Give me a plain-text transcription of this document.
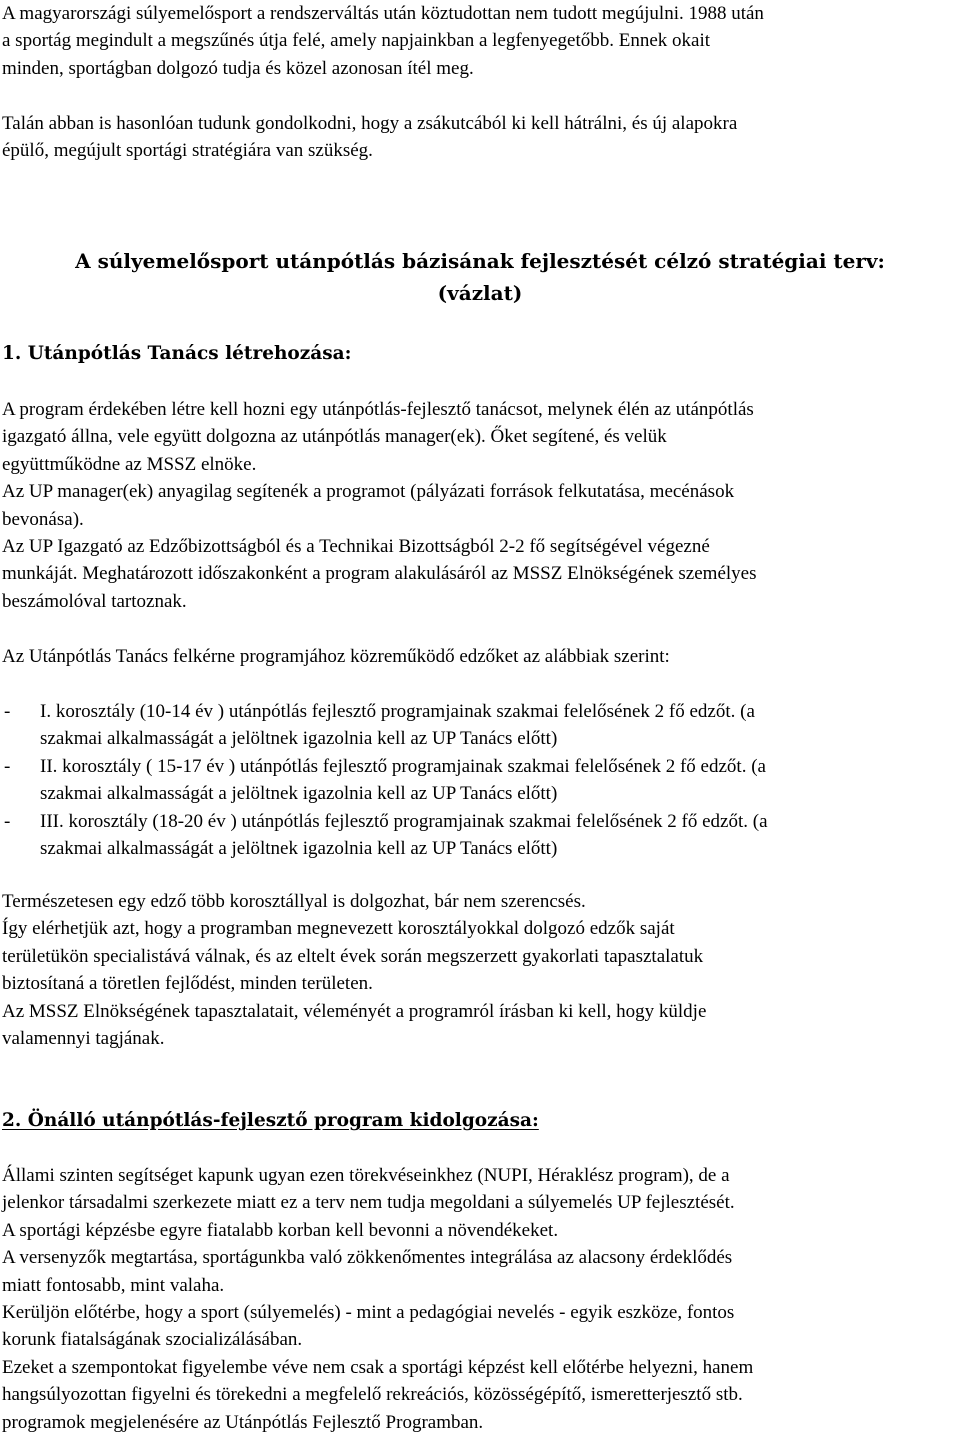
A magyarországi súlyemelősport a rendszerváltás után köztudottan nem tudott megújulni. 1988 után
a sportág megindult a megszűnés útja felé, amely napjainkban a legfenyegetőbb. Ennek okait
minden, sportágban dolgozó tudja és közel azonosan ítél meg.
Talán abban is hasonlóan tudunk gondolkodni, hogy a zsákutcából ki kell hátrálni, és új alapokra
épülő, megújult sportági stratégiára van szükség.

A súlyemelősport utánpótlás bázisának fejlesztését célzó stratégiai terv:

(vázlat)

1. Utánpótlás Tanács létrehozása:

A program érdekében létre kell hozni egy utánpótlás-fejlesztő tanácsot, melynek élén az utánpótlás
igazgató állna, vele együtt dolgozna az utánpótlás manager(ek). Őket segítené, és velük
együttműködne az MSSZ elnöke.
Az UP manager(ek) anyagilag segítenék a programot (pályázati források felkutatása, mecénások
bevonása).
Az UP Igazgató az Edzőbizottságból és a Technikai Bizottságból 2-2 fő segítségével végezné
munkáját. Meghatározott időszakonként a program alakulásáról az MSSZ Elnökségének személyes
beszámolóval tartoznak.
Az Utánpótlás Tanács felkérne programjához közreműködő edzőket az alábbiak szerint:
- I. korosztály (10-14 év ) utánpótlás fejlesztő programjainak szakmai felelősének 2 fő edzőt. (a
szakmai alkalmasságát a jelöltnek igazolnia kell az UP Tanács előtt)
- II. korosztály ( 15-17 év ) utánpótlás fejlesztő programjainak szakmai felelősének 2 fő edzőt. (a
szakmai alkalmasságát a jelöltnek igazolnia kell az UP Tanács előtt)
- III. korosztály (18-20 év ) utánpótlás fejlesztő programjainak szakmai felelősének 2 fő edzőt. (a
szakmai alkalmasságát a jelöltnek igazolnia kell az UP Tanács előtt)
Természetesen egy edző több korosztállyal is dolgozhat, bár nem szerencsés.
Így elérhetjük azt, hogy a programban megnevezett korosztályokkal dolgozó edzők saját
területükön specialistává válnak, és az eltelt évek során megszerzett gyakorlati tapasztalatuk
biztosítaná a töretlen fejlődést, minden területen.
Az MSSZ Elnökségének tapasztalatait, véleményét a programról írásban ki kell, hogy küldje
valamennyi tagjának.

2. Önálló utánpótlás-fejlesztő program kidolgozása:

Állami szinten segítséget kapunk ugyan ezen törekvéseinkhez (NUPI, Héraklész program), de a
jelenkor társadalmi szerkezete miatt ez a terv nem tudja megoldani a súlyemelés UP fejlesztését.
A sportági képzésbe egyre fiatalabb korban kell bevonni a növendékeket.
A versenyzők megtartása, sportágunkba való zökkenőmentes integrálása az alacsony érdeklődés
miatt fontosabb, mint valaha.
Kerüljön előtérbe, hogy a sport (súlyemelés) - mint a pedagógiai nevelés - egyik eszköze, fontos
korunk fiatalságának szocializálásában.
Ezeket a szempontokat figyelembe véve nem csak a sportági képzést kell előtérbe helyezni, hanem
hangsúlyozottan figyelni és törekedni a megfelelő rekreációs, közösségépítő, ismeretterjesztő stb.
programok megjelenésére az Utánpótlás Fejlesztő Programban.
